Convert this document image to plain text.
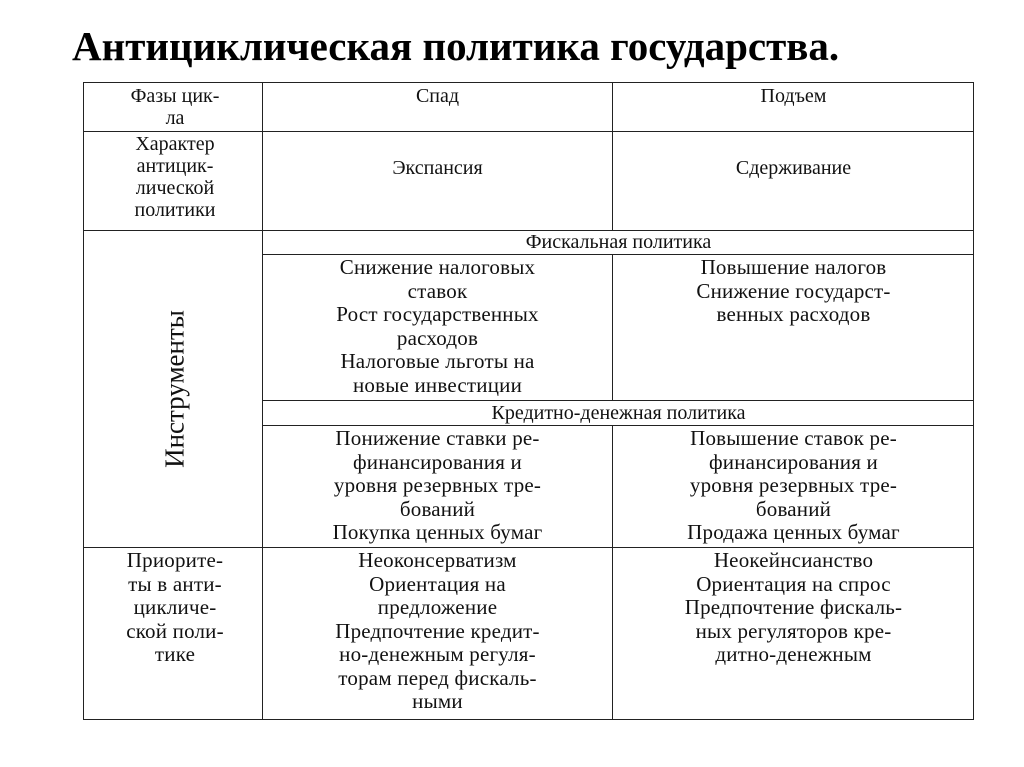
Антициклическая политика государства.
Фазы цик-
ла
Спад	Подъем
Характер
антицик-
лической
политики
Экспансия	Сдерживание
Инструменты
Фискальная политика
Снижение налоговых
ставок
Рост государственных
расходов
Налоговые льготы на
новые инвестиции
Повышение налогов
Снижение государст-
венных расходов
Кредитно-денежная политика
Понижение ставки ре-
финансирования и
уровня резервных тре-
бований
Покупка ценных бумаг
Повышение ставок ре-
финансирования и
уровня резервных тре-
бований
Продажа ценных бумаг
Приорите-
ты в анти-
цикличе-
ской поли-
тике
Неоконсерватизм
Ориентация на
предложение
Предпочтение кредит-
но-денежным регуля-
торам перед фискаль-
ными
Неокейнсианство
Ориентация на спрос
Предпочтение фискаль-
ных регуляторов кре-
дитно-денежным
